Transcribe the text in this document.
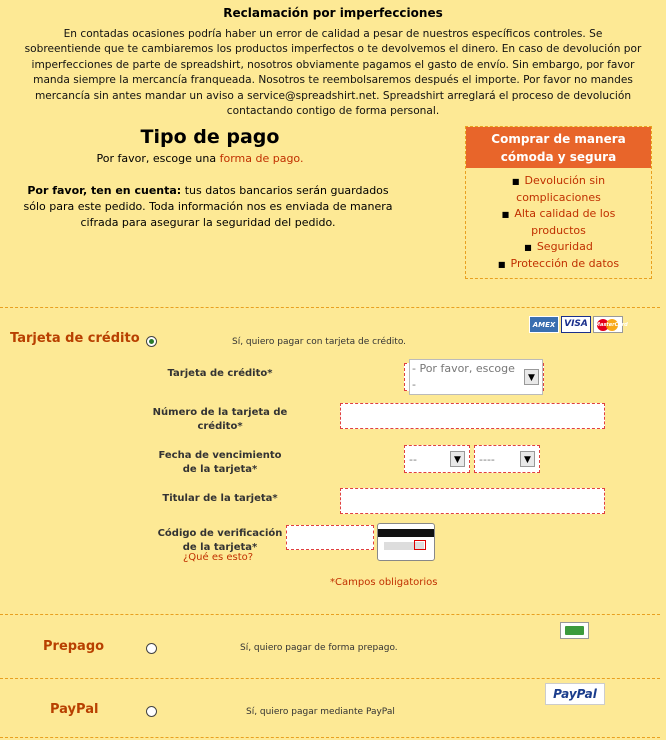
Reclamación por imperfecciones
En contadas ocasiones podría haber un error de calidad a pesar de nuestros específicos controles. Se
sobreentiende que te cambiaremos los productos imperfectos o te devolvemos el dinero. En caso de devolución por
imperfecciones de parte de spreadshirt, nosotros obviamente pagamos el gasto de envío. Sin embargo, por favor
manda siempre la mercancía franqueada. Nosotros te reembolsaremos después el importe. Por favor no mandes
mercancía sin antes mandar un aviso a service@spreadshirt.net. Spreadshirt arreglará el proceso de devolución
contactando contigo de forma personal.
Tipo de pago
Por favor, escoge una forma de pago.
Por favor, ten en cuenta: tus datos bancarios serán guardados
sólo para este pedido. Toda información nos es enviada de manera
cifrada para asegurar la seguridad del pedido.
Comprar de manera
cómoda y segura
■  Devolución sin
complicaciones
■  Alta calidad de los
productos
■  Seguridad
■  Protección de datos
Tarjeta de crédito	Sí, quiero pagar con tarjeta de crédito.
AMEX VISA	MasterCard
Tarjeta de crédito*	- Por favor, escoge -	▼
Número de la tarjeta de
crédito*
Fecha de vencimiento
de la tarjeta*
--	▼	----	▼
Titular de la tarjeta*
Código de verificación
de la tarjeta*
¿Qué es esto?
*Campos obligatorios
Prepago	Sí, quiero pagar de forma prepago.
PayPal	Sí, quiero pagar mediante PayPal
PayPal
